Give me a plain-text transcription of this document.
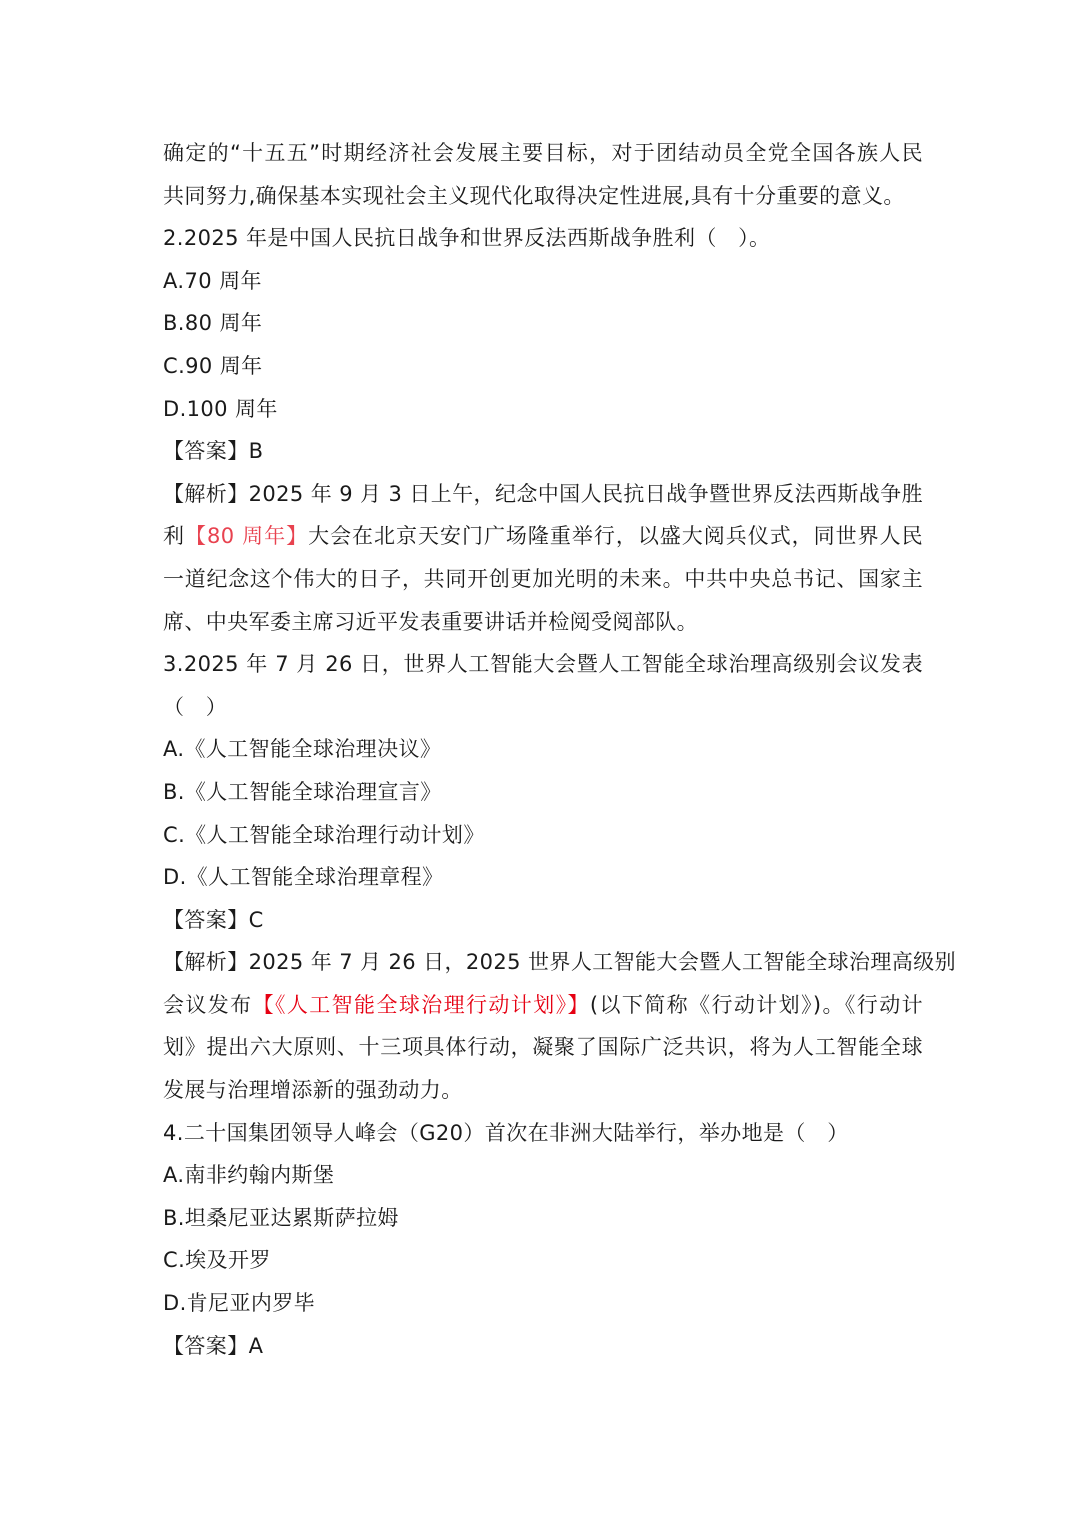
确定的“十五五”时期经济社会发展主要目标，对于团结动员全党全国各族人民
共同努力,确保基本实现社会主义现代化取得决定性进展,具有十分重要的意义。
2.2025 年是中国人民抗日战争和世界反法西斯战争胜利（　）。
A.70 周年
B.80 周年
C.90 周年
D.100 周年
【答案】B
【解析】2025 年 9 月 3 日上午，纪念中国人民抗日战争暨世界反法西斯战争胜
利【80 周年】大会在北京天安门广场隆重举行，以盛大阅兵仪式，同世界人民
一道纪念这个伟大的日子，共同开创更加光明的未来。中共中央总书记、国家主
席、中央军委主席习近平发表重要讲话并检阅受阅部队。
3.2025 年 7 月 26 日，世界人工智能大会暨人工智能全球治理高级别会议发表
（　）
A.《人工智能全球治理决议》
B.《人工智能全球治理宣言》
C.《人工智能全球治理行动计划》
D.《人工智能全球治理章程》
【答案】C
【解析】2025 年 7 月 26 日，2025 世界人工智能大会暨人工智能全球治理高级别
会议发布【《人工智能全球治理行动计划》】(以下简称《行动计划》)。《行动计
划》提出六大原则、十三项具体行动，凝聚了国际广泛共识，将为人工智能全球
发展与治理增添新的强劲动力。
4.二十国集团领导人峰会（G20）首次在非洲大陆举行，举办地是（　）
A.南非约翰内斯堡
B.坦桑尼亚达累斯萨拉姆
C.埃及开罗
D.肯尼亚内罗毕
【答案】A
